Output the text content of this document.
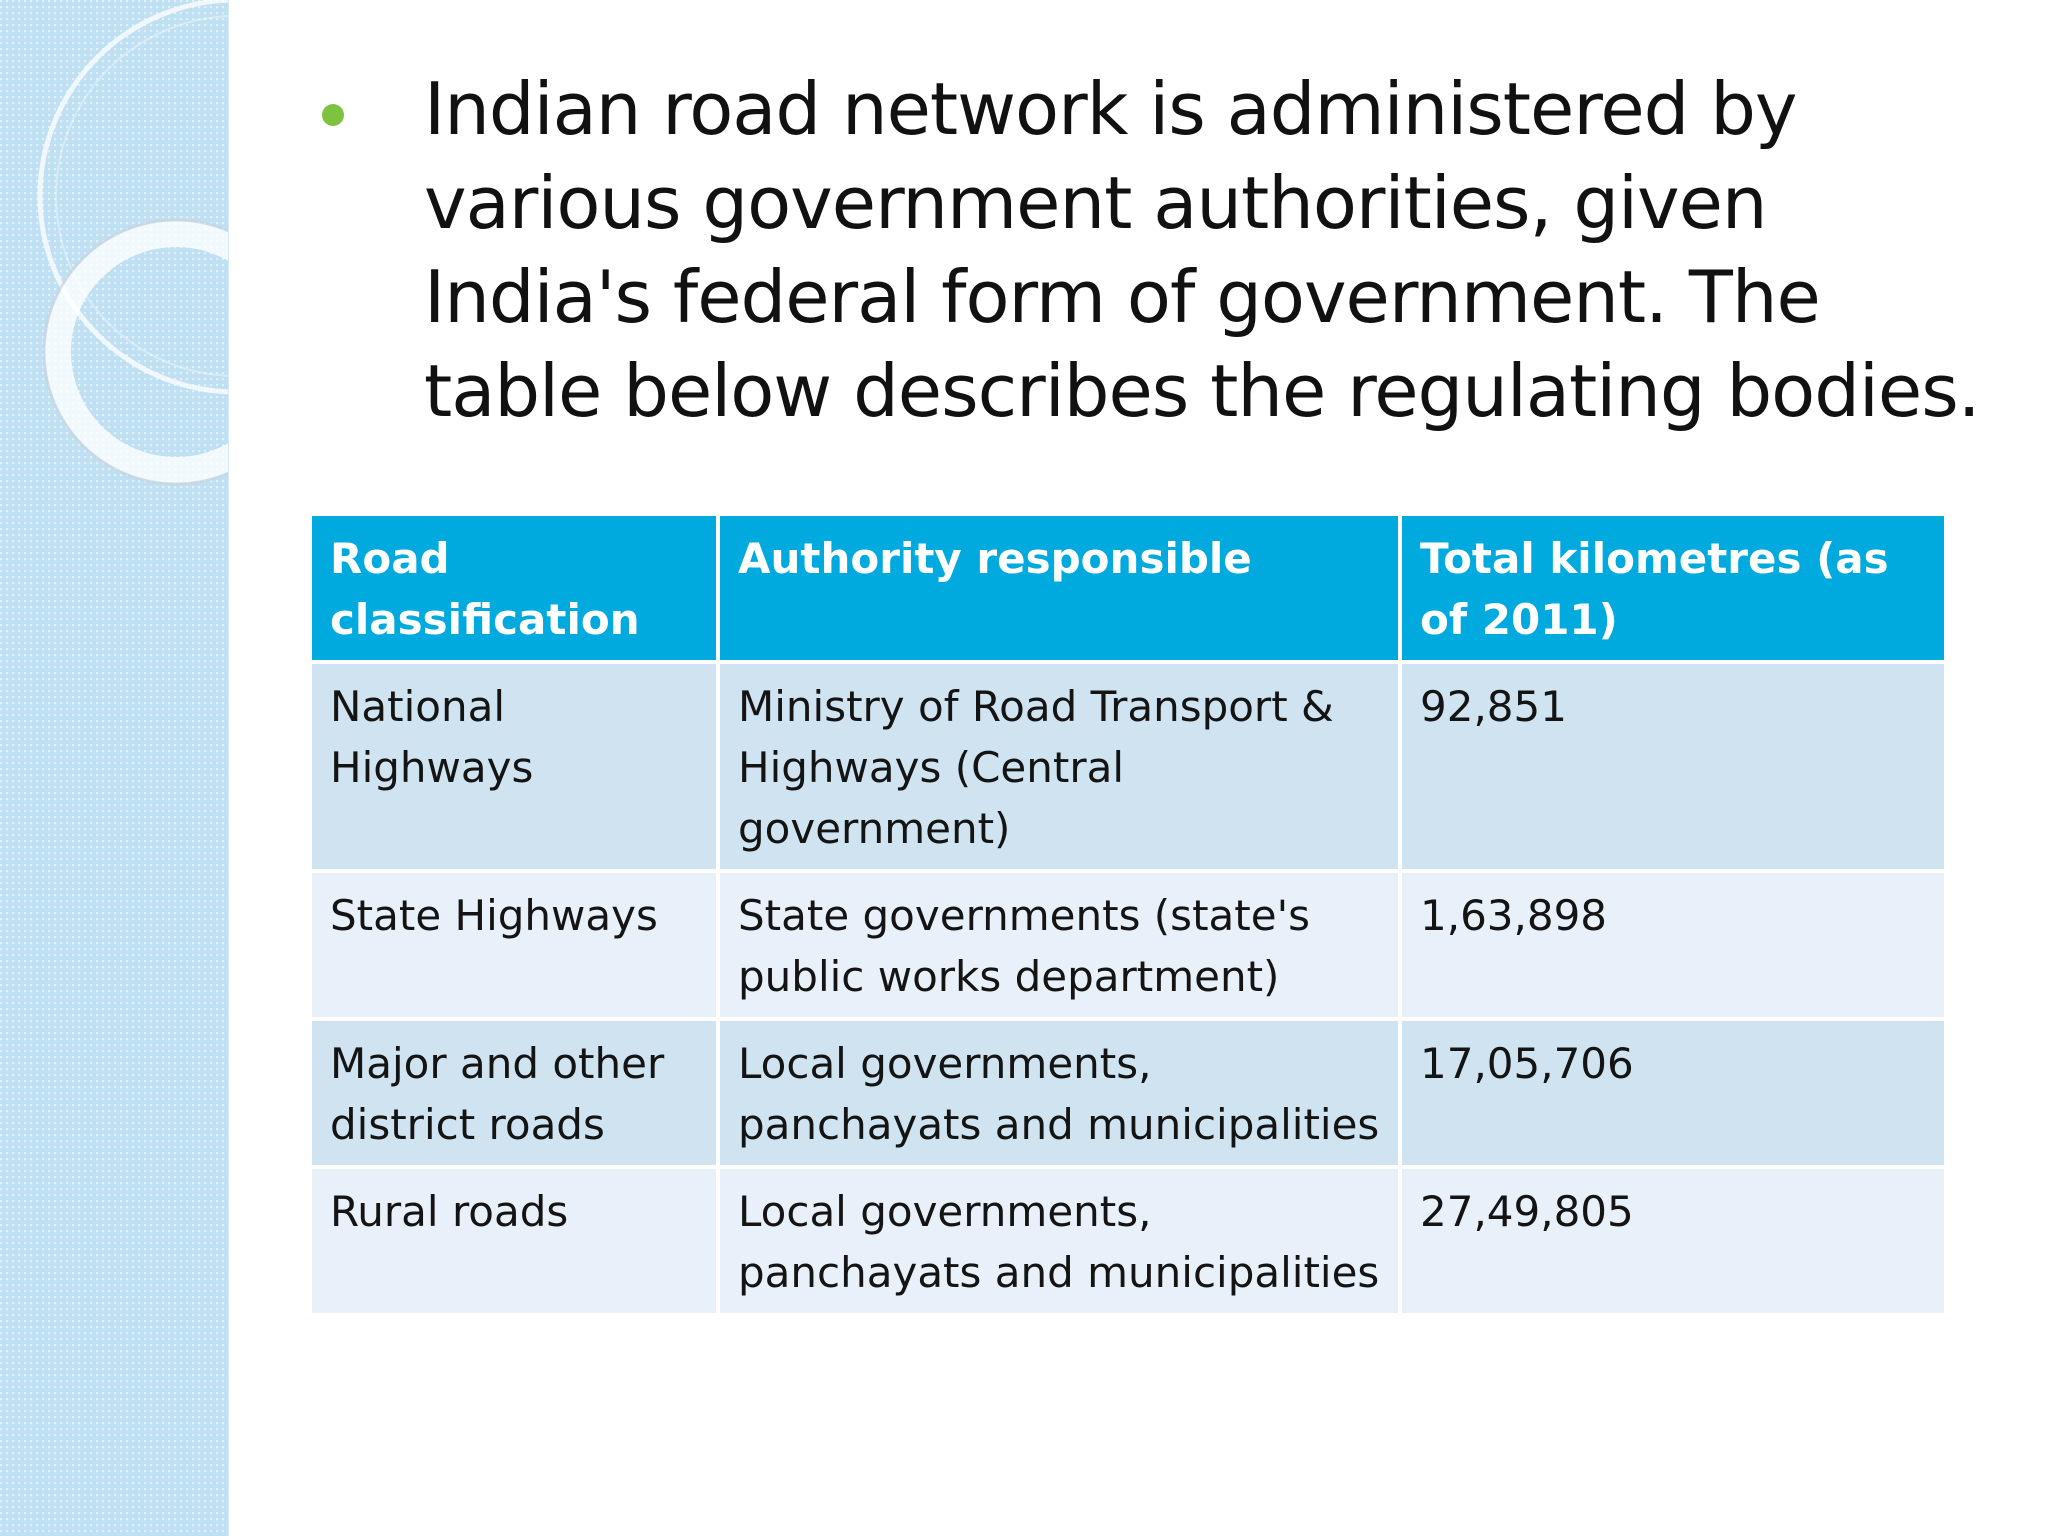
Indian road network is administered by various government authorities, given India's federal form of government. The table below describes the regulating bodies.

Road classification	Authority responsible	Total kilometres (as of 2011)
National Highways	Ministry of Road Transport & Highways (Central government)	92,851
State Highways	State governments (state's public works department)	1,63,898
Major and other district roads	Local governments, panchayats and municipalities	17,05,706
Rural roads	Local governments, panchayats and municipalities	27,49,805
